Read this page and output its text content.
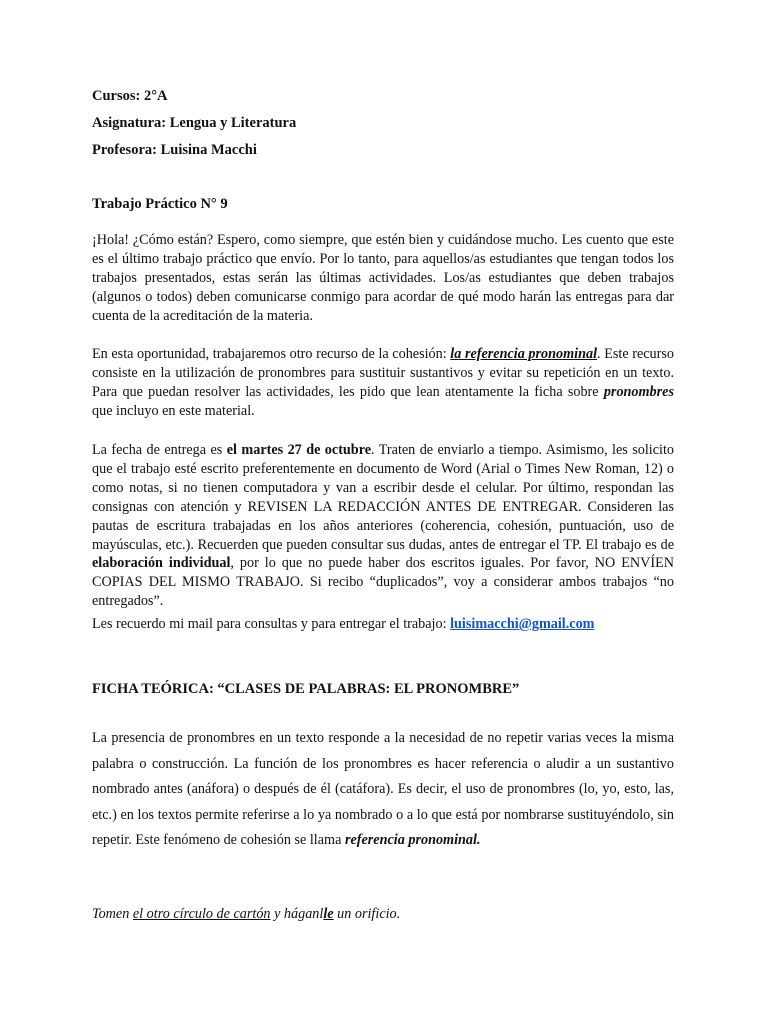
Cursos: 2°A

Asignatura: Lengua y Literatura

Profesora: Luisina Macchi

Trabajo Práctico N° 9

¡Hola! ¿Cómo están? Espero, como siempre, que estén bien y cuidándose mucho. Les cuento que este es el último trabajo práctico que envío. Por lo tanto, para aquellos/as estudiantes que tengan todos los trabajos presentados, estas serán las últimas actividades. Los/as estudiantes que deben trabajos (algunos o todos) deben comunicarse conmigo para acordar de qué modo harán las entregas para dar cuenta de la acreditación de la materia.

En esta oportunidad, trabajaremos otro recurso de la cohesión: la referencia pronominal. Este recurso consiste en la utilización de pronombres para sustituir sustantivos y evitar su repetición en un texto. Para que puedan resolver las actividades, les pido que lean atentamente la ficha sobre pronombres que incluyo en este material.

La fecha de entrega es el martes 27 de octubre. Traten de enviarlo a tiempo. Asimismo, les solicito que el trabajo esté escrito preferentemente en documento de Word (Arial o Times New Roman, 12) o como notas, si no tienen computadora y van a escribir desde el celular. Por último, respondan las consignas con atención y REVISEN LA REDACCIÓN ANTES DE ENTREGAR. Consideren las pautas de escritura trabajadas en los años anteriores (coherencia, cohesión, puntuación, uso de mayúsculas, etc.). Recuerden que pueden consultar sus dudas, antes de entregar el TP. El trabajo es de elaboración individual, por lo que no puede haber dos escritos iguales. Por favor, NO ENVÍEN COPIAS DEL MISMO TRABAJO. Si recibo “duplicados”, voy a considerar ambos trabajos “no entregados”.

Les recuerdo mi mail para consultas y para entregar el trabajo: luisimacchi@gmail.com

FICHA TEÓRICA: “CLASES DE PALABRAS: EL PRONOMBRE”

La presencia de pronombres en un texto responde a la necesidad de no repetir varias veces la misma palabra o construcción. La función de los pronombres es hacer referencia o aludir a un sustantivo nombrado antes (anáfora) o después de él (catáfora). Es decir, el uso de pronombres (lo, yo, esto, las, etc.) en los textos permite referirse a lo ya nombrado o a lo que está por nombrarse sustituyéndolo, sin repetir. Este fenómeno de cohesión se llama referencia pronominal.

Tomen el otro círculo de cartón y háganlle un orificio.
